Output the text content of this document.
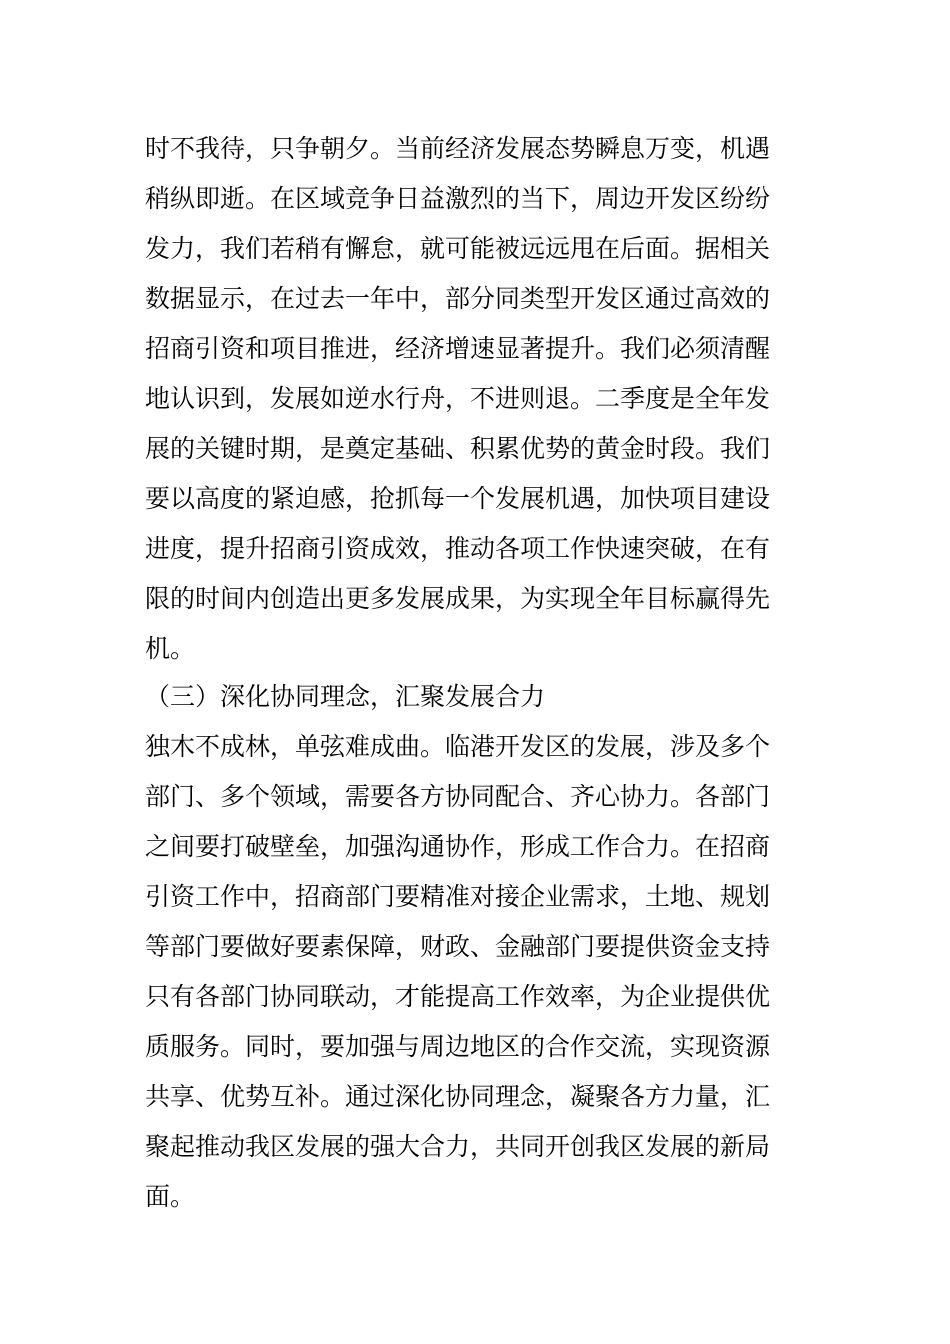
时不我待，只争朝夕。当前经济发展态势瞬息万变，机遇
稍纵即逝。在区域竞争日益激烈的当下，周边开发区纷纷
发力，我们若稍有懈怠，就可能被远远甩在后面。据相关
数据显示，在过去一年中，部分同类型开发区通过高效的
招商引资和项目推进，经济增速显著提升。我们必须清醒
地认识到，发展如逆水行舟，不进则退。二季度是全年发
展的关键时期，是奠定基础、积累优势的黄金时段。我们
要以高度的紧迫感，抢抓每一个发展机遇，加快项目建设
进度，提升招商引资成效，推动各项工作快速突破，在有
限的时间内创造出更多发展成果，为实现全年目标赢得先
机。
（三）深化协同理念，汇聚发展合力
独木不成林，单弦难成曲。临港开发区的发展，涉及多个
部门、多个领域，需要各方协同配合、齐心协力。各部门
之间要打破壁垒，加强沟通协作，形成工作合力。在招商
引资工作中，招商部门要精准对接企业需求，土地、规划
等部门要做好要素保障，财政、金融部门要提供资金支持
只有各部门协同联动，才能提高工作效率，为企业提供优
质服务。同时，要加强与周边地区的合作交流，实现资源
共享、优势互补。通过深化协同理念，凝聚各方力量，汇
聚起推动我区发展的强大合力，共同开创我区发展的新局
面。
